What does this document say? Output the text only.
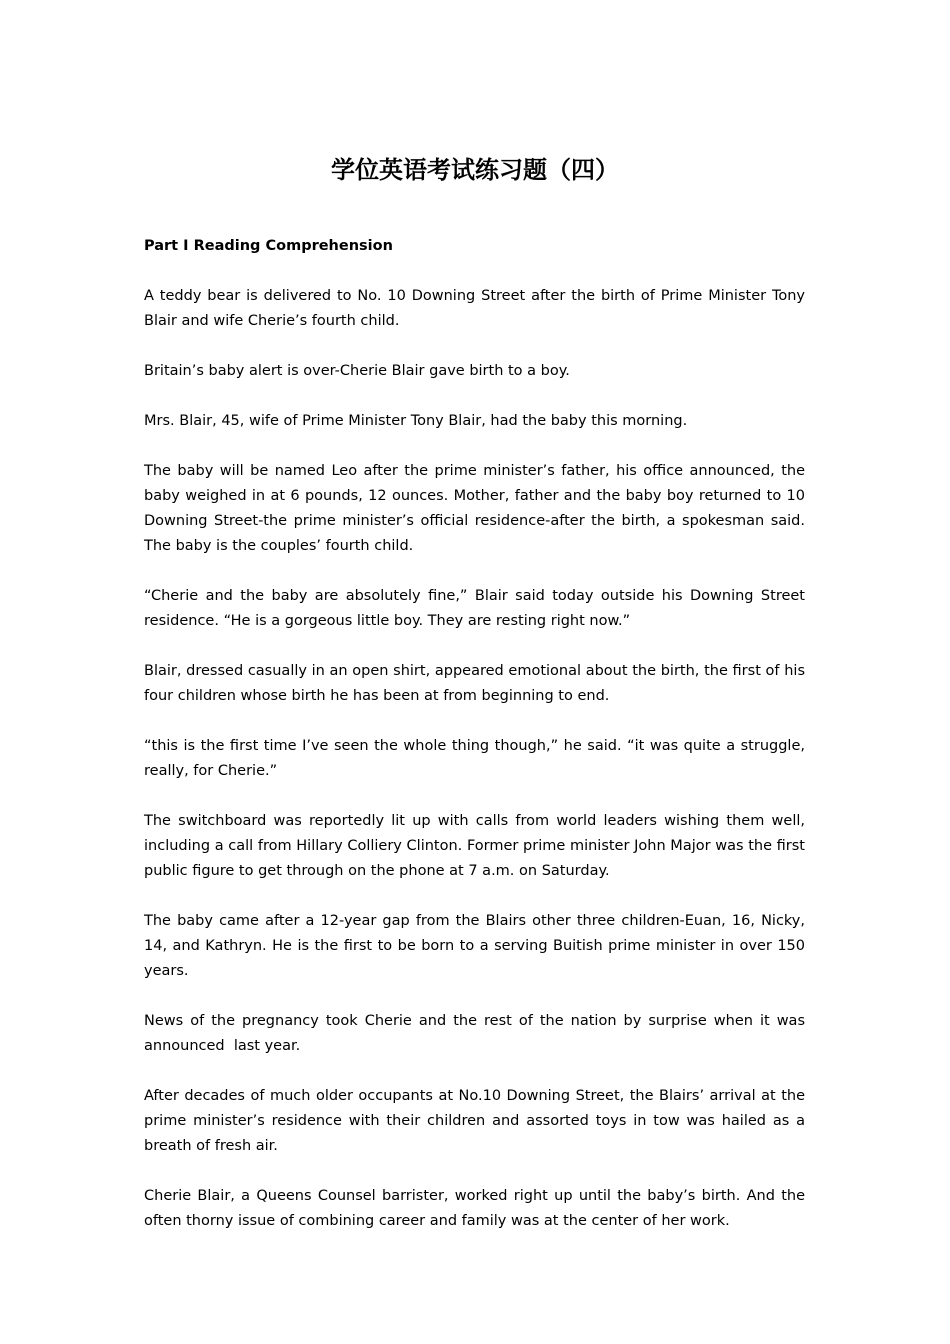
学位英语考试练习题（四）

Part I Reading Comprehension

A teddy bear is delivered to No. 10 Downing Street after the birth of Prime Minister Tony Blair and wife Cherie’s fourth child.

Britain’s baby alert is over-Cherie Blair gave birth to a boy.

Mrs. Blair, 45, wife of Prime Minister Tony Blair, had the baby this morning.

The baby will be named Leo after the prime minister’s father, his office announced, the baby weighed in at 6 pounds, 12 ounces. Mother, father and the baby boy returned to 10 Downing Street-the prime minister’s official residence-after the birth, a spokesman said. The baby is the couples’ fourth child.

“Cherie and the baby are absolutely fine,” Blair said today outside his Downing Street residence. “He is a gorgeous little boy. They are resting right now.”

Blair, dressed casually in an open shirt, appeared emotional about the birth, the first of his four children whose birth he has been at from beginning to end.

“this is the first time I’ve seen the whole thing though,” he said. “it was quite a struggle, really, for Cherie.”

The switchboard was reportedly lit up with calls from world leaders wishing them well, including a call from Hillary Colliery Clinton. Former prime minister John Major was the first public figure to get through on the phone at 7 a.m. on Saturday.

The baby came after a 12-year gap from the Blairs other three children-Euan, 16, Nicky, 14, and Kathryn. He is the first to be born to a serving Buitish prime minister in over 150 years.

News of the pregnancy took Cherie and the rest of the nation by surprise when it was announced  last year.

After decades of much older occupants at No.10 Downing Street, the Blairs’ arrival at the prime minister’s residence with their children and assorted toys in tow was hailed as a breath of fresh air.

Cherie Blair, a Queens Counsel barrister, worked right up until the baby’s birth. And the often thorny issue of combining career and family was at the center of her work.
